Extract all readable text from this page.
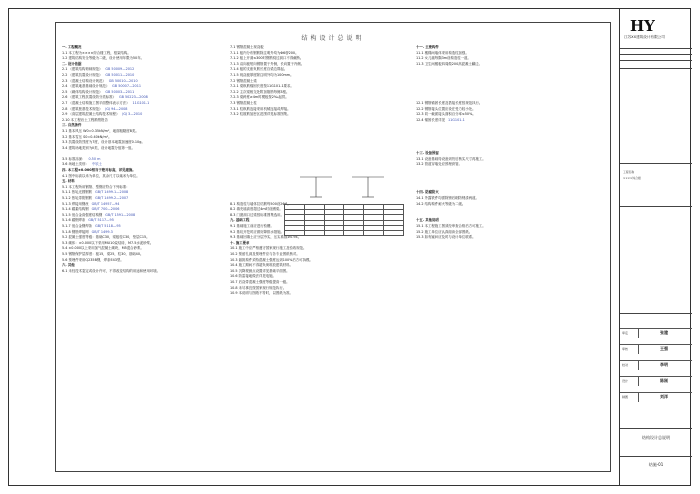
结构设计总说明
一. 工程概况
1.1 本工程为××××综合楼工程，框架结构。
1.2 建筑结构安全等级为二级，设计使用年限为50年。
二. 设计依据
2.1 《建筑结构荷载规范》 GB 50009—2012
2.2 《建筑抗震设计规范》 GB 50011—2010
2.3 《混凝土结构设计规范》 GB 50010—2010
2.4 《建筑地基基础设计规范》 GB 50007—2011
2.5 《砌体结构设计规范》 GB 50003—2011
2.6 《建筑工程抗震设防分类标准》 GB 50223—2008
2.7 《混凝土结构施工图平面整体表示方法》 11G101-1
2.8 《建筑桩基技术规范》 JGJ 94—2008
2.9 《高层建筑混凝土结构技术规程》 JGJ 3—2010
2.10 本工程岩土工程勘察报告
三. 自然条件
3.1 基本风压 W0=0.35kN/m²，地面粗糙度B类。
3.2 基本雪压 S0=0.40kN/m²。
3.3 抗震设防烈度为7度，设计基本地震加速度0.10g。
3.4 建筑场地类别为II类，设计地震分组第一组。
3.5 标准冻深： 0.50 m
3.6 场地土类别： 中软土
四. 本工程±0.000相当于绝对标高，详见建施。
4.1 图中标高以米为单位，其余尺寸以毫米为单位。
五. 材料
5.1 本工程所用钢筋、型钢应符合下列标准：
5.1.1 热轧光圆钢筋 GB/T 1499.1—2008
5.1.2 热轧带肋钢筋 GB/T 1499.2—2007
5.1.3 焊接用钢丝 GB/T 14957—94
5.1.4 碳素结构钢 GB/T 700—2006
5.1.5 低合金高强度结构钢 GB/T 1591—2008
5.1.6 碳钢焊条 GB/T 5117—95
5.1.7 低合金钢焊条 GB/T 5118—95
5.1.8 钢筋焊接网 GB/T 1499.3
5.2 混凝土强度等级：基础C30，梁板柱C30，垫层C15。
5.3 砌体：±0.000以下采用MU10烧结砖，M7.5水泥砂浆。
5.4 ±0.000以上采用加气混凝土砌块，M5混合砂浆。
5.5 钢筋保护层厚度：板15，梁25，柱30，基础40。
5.6 预埋件采用Q235B钢，焊条E43型。
六. 其他
6.1 未经技术鉴定或设计许可，不得改变结构的用途和使用环境。
7.1 钢筋混凝土现浇板
7.1.1 板内分布钢筋除注明外均为Φ6@200。
7.1.2 板上开洞≤300时钢筋绕过洞口不得截断。
7.1.3 双向板短向钢筋置于外侧，长向置于内侧。
7.1.4 板的支座负筋长度自梁边算起。
7.1.5 现浇板厚度除注明外均为100mm。
7.2 钢筋混凝土梁
7.2.1 梁纵筋锚固长度按11G101-1要求。
7.2.2 主次梁相交处附加箍筋每侧3根。
7.2.3 梁跨度≥4m时模板按2‰起拱。
7.3 钢筋混凝土柱
7.3.1 柱纵筋连接采用机械连接或焊接。
7.3.2 柱箍筋加密区范围详见标准图集。
8.1 构造柱与墙体拉结筋每500设2Φ6。
8.2 填充墙高度超过4m时设圈梁。
8.3 门窗洞口过梁按标准图集选用。
九. 基础工程
9.1 基础施工前应进行验槽。
9.2 基坑开挖时应做好降排水措施。
9.3 基础回填土应分层夯实，压实系数≥0.94。
十. 施工要求
10.1 施工中应严格遵守国家现行施工及验收规范。
10.2 预留孔洞及预埋件应与各专业图纸核对。
10.3 悬挑构件须待混凝土强度达到100%后方可拆模。
10.4 施工期间不得超负荷堆放建筑材料。
10.5 沉降观测点设置详见基础平面图。
10.6 防雷接地做法详见电施。
10.7 后浇带混凝土强度等级提高一级。
10.8 未尽事宜按国家现行规范执行。
10.9 本说明与图纸不符时，以图纸为准。
十一. 主要构件
11.1 楼梯间墙体采用构造柱加强。
11.2 女儿墙每隔3m设构造柱一道。
11.3 卫生间楼板四周做200高混凝土翻边。
12.1 钢筋锚固长度及搭接长度按规范执行。
12.2 钢筋接头位置应设在受力较小处。
12.3 同一截面接头面积百分率≤50%。
12.4 锚固长度详见 11G101-1
十三. 设备预留
13.1 设备基础待设备到货后核实尺寸再施工。
13.2 管道穿墙处应预埋套管。
十四. 防腐防火
14.1 外露铁件均需除锈后刷防锈漆两道。
14.2 结构构件耐火等级为二级。
十五. 其他说明
15.1 本工程施工图须经审查合格后方可施工。
15.2 施工单位应认真阅读全部图纸。
15.3 如有疑问应及时与设计单位联系。

HY
江苏XX建筑设计有限公司
工程名称
××××综合楼
审定	张建
审核	王强
校对	李明
设计	陈刚
制图	刘洋
结构设计总说明
结施-01
